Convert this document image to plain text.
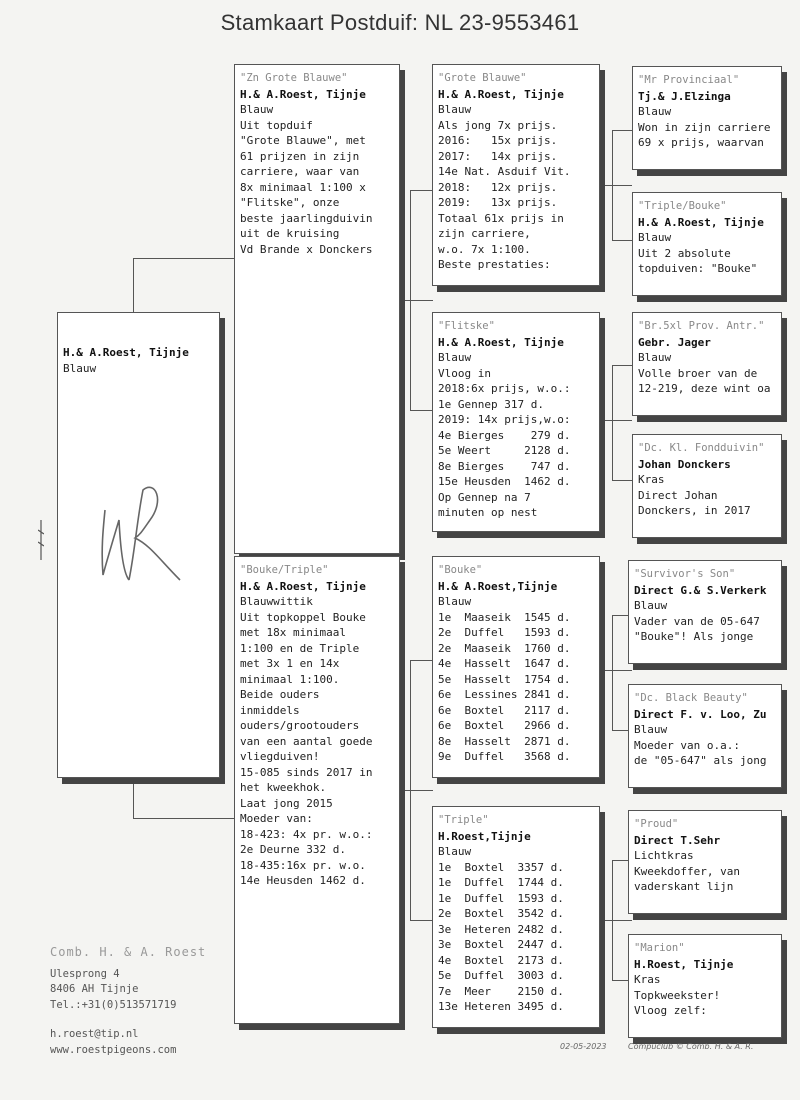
Stamkaart Postduif: NL 23-9553461
H.& A.Roest, Tijnje
Blauw
"Zn Grote Blauwe"
H.& A.Roest, Tijnje
Blauw
Uit topduif
"Grote Blauwe", met
61 prijzen in zijn
carriere, waar van
8x minimaal 1:100 x
"Flitske", onze
beste jaarlingduivin
uit de kruising
Vd Brande x Donckers
"Bouke/Triple"
H.& A.Roest, Tijnje
Blauwwittik
Uit topkoppel Bouke
met 18x minimaal
1:100 en de Triple
met 3x 1 en 14x
minimaal 1:100.
Beide ouders
inmiddels
ouders/grootouders
van een aantal goede
vliegduiven!
15-085 sinds 2017 in
het kweekhok.
Laat jong 2015
Moeder van:
18-423: 4x pr. w.o.:
2e Deurne 332 d.
18-435:16x pr. w.o.
14e Heusden 1462 d.
"Grote Blauwe"
H.& A.Roest, Tijnje
Blauw
Als jong 7x prijs.
2016:   15x prijs.
2017:   14x prijs.
14e Nat. Asduif Vit.
2018:   12x prijs.
2019:   13x prijs.
Totaal 61x prijs in
zijn carriere,
w.o. 7x 1:100.
Beste prestaties:
"Flitske"
H.& A.Roest, Tijnje
Blauw
Vloog in
2018:6x prijs, w.o.:
1e Gennep 317 d.
2019: 14x prijs,w.o:
4e Bierges    279 d.
5e Weert     2128 d.
8e Bierges    747 d.
15e Heusden  1462 d.
Op Gennep na 7
minuten op nest
"Bouke"
H.& A.Roest,Tijnje
Blauw
1e  Maaseik  1545 d.
2e  Duffel   1593 d.
2e  Maaseik  1760 d.
4e  Hasselt  1647 d.
5e  Hasselt  1754 d.
6e  Lessines 2841 d.
6e  Boxtel   2117 d.
6e  Boxtel   2966 d.
8e  Hasselt  2871 d.
9e  Duffel   3568 d.
"Triple"
H.Roest,Tijnje
Blauw
1e  Boxtel  3357 d.
1e  Duffel  1744 d.
1e  Duffel  1593 d.
2e  Boxtel  3542 d.
3e  Heteren 2482 d.
3e  Boxtel  2447 d.
4e  Boxtel  2173 d.
5e  Duffel  3003 d.
7e  Meer    2150 d.
13e Heteren 3495 d.
"Mr Provinciaal"
Tj.& J.Elzinga
Blauw
Won in zijn carriere
69 x prijs, waarvan
"Triple/Bouke"
H.& A.Roest, Tijnje
Blauw
Uit 2 absolute
topduiven: "Bouke"
"Br.5xl Prov. Antr."
Gebr. Jager
Blauw
Volle broer van de
12-219, deze wint oa
"Dc. Kl. Fondduivin"
Johan Donckers
Kras
Direct Johan
Donckers, in 2017
"Survivor's Son"
Direct G.& S.Verkerk
Blauw
Vader van de 05-647
"Bouke"! Als jonge
"Dc. Black Beauty"
Direct F. v. Loo, Zu
Blauw
Moeder van o.a.:
de "05-647" als jong
"Proud"
Direct T.Sehr
Lichtkras
Kweekdoffer, van
vaderskant lijn
"Marion"
H.Roest, Tijnje
Kras
Topkweekster!
Vloog zelf:
Comb. H. & A. Roest
Ulesprong 4
8406 AH Tijnje
Tel.:+31(0)513571719
h.roest@tip.nl
www.roestpigeons.com	02-05-2023	Compuclub © Comb. H. & A. R.
